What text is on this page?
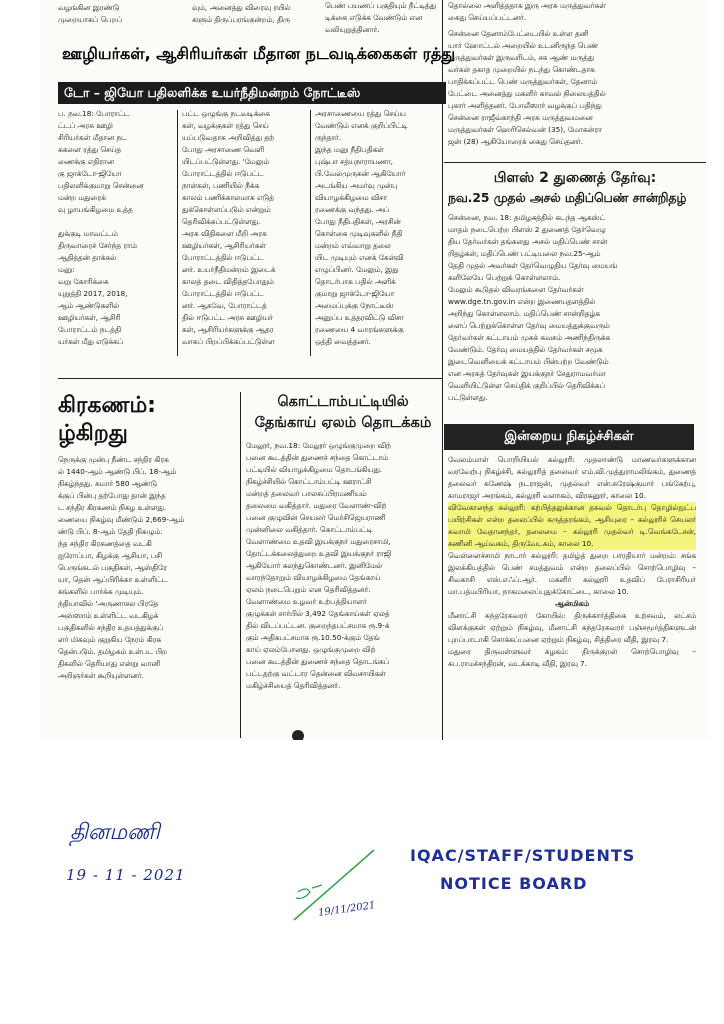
வழங்கின இரண்டு
முறையாகப் பெறப்

வும், அனைத்து விரைவு ரயில்
களும் திருப்பரங்குன்றம், திரு

பெண் பயணப் பகுதியும் நீட்டித்து
டிக்கை எடுக்க வேண்டும் என
வலியுறுத்தினார்.

தொல்லை அளித்ததாக இரு அரசு மருத்துவர்கள்
கைது செய்யப்பட்டனர்.

ஊழியர்கள், ஆசிரியர்கள் மீதான நடவடிக்கைகள் ரத்து
டோ – ஜியோ பதிலளிக்க உயர்நீதிமன்றம் நோட்டீஸ்

ப. நவ.18: போராட்ட
ட்டப் அரசு ஊழி
சிரியர்கள் மீதான நட
ககளை ரத்து செய்த
ணைக்கு எதிரான
கு ஜாக்டோ-ஜியோ
பதிலளிக்குமாறு சென்னை
மன்ற மதுரைக்
வு ழாயங்கிழமை உத்த

துக்குடி மாவட்டம்
திருவாரைச் சேர்ந்த ராம்
ஆதித்தன் தாக்கல்
மனு:
வறு கோரிக்கை
யுறுத்தி 2017, 2018,
ஆம் ஆண்டுகளில்
ஊழியர்கள், ஆசிரி
போராட்டம் நடத்தி
யர்கள் மீது எடுக்கப்

பட்ட ஒழுங்கு நடவடிக்கை
கள், வழக்குகள் ரத்து செய்
யப்படுவதாக அறிவித்து தற்
போது அரசாணை வெளி
யிடப்பட்டுள்ளது. 'மேலும்
போராட்டத்தில் ஈடுபட்ட
நாள்கள், பணியில் நீக்க
காலம் பணிக்காலமாக எடுத்
துக்கொள்ளப்படும் என்றும்
தெரிவிக்கப்பட்டுள்ளது.
அரசு விதிகளை மீறி அரசு
ஊழியர்கள், ஆசிரியர்கள்
போராட்டத்தில் ஈடுபட்ட
னர். உயர்நீதிமன்றம் இடைக்
காலத் தடை விதித்தபோதும்
போராட்டத்தில் ஈடுபட்ட
னர். ஆகவே, போராட்டத்
தில் ஈடுபட்ட அரசு ஊழியர்
கள், ஆசிரியர்களுக்கு ஆதர
வாகப் பிறப்பிக்கப்பட்டுள்ள

அரசாணையை ரத்து செய்ய
வேண்டும் எனக் குறிப்பிட்டி
ருந்தார்.
இந்த மனு நீதிபதிகள்
புஷ்பா சத்யநாராயணா,
பி.வேல்முருகன் ஆகியோர்
அடங்கிய அமர்வு முன்பு
வியாழக்கிழமை விசா
ரணைக்கு வந்தது. அப்
போது நீதிபதிகள், அரசின்
கொள்கை முடிவுகளில் நீதி
மன்றம் எவ்வாறு தலை
யிட முடியும் எனக் கேள்வி
எழுப்பினர். மேலும், இது
தொடர்பாக பதில் அளிக்
குமாறு ஜாக்டோ-ஜியோ
அமைப்புக்கு நோட்டீஸ்
அனுப்ப உத்தரவிட்டு விசா
ரணையை 4 வாரங்களுக்கு
ஒத்தி வைத்தனர்.

கிரகணம்:
ழ்கிறது

நெருக்கு முன்பு நீண்ட சந்திர கிரக
ல் 1440-ஆம் ஆண்டு பிப். 18-ஆம்
நிகழ்ந்தது. சுமார் 580 ஆண்டு
க்குப் பின்பு தற்போது தான் இந்த
ட சந்திர கிரகணம் நிகழ உள்ளது.
ணையை நிகழ்வு மீண்டும் 2,669-ஆம்
ண்டு பிப். 8-ஆம் தேதி நிகழும்.
ந்த சந்திர கிரகணத்தை வடகி
ஐரோப்பா, கிழக்கு ஆசியா, பசி
பெருங்கடல் பகுதிகள், ஆஸ்திரே
யா, தென் ஆப்பிரிக்கா உள்ளிட்ட
கங்களில் பார்க்க முடியும்.
ந்தியாவில் 'அருணாசல பிரதே
அஸ்ஸாம் உள்ளிட்ட வடகிழக்
பகுதிகளில் சந்திர உதயத்துக்குப்
ளர் மிகவும் குறுகிய நேரம் கிரக
தென்படும். தமிழகம் உள்பட பிற
திகளில் தெரியாது என்று வானி
அறிஞர்கள் கூறியுள்ளனர்.

கொட்டாம்பட்டியில்
தேங்காய் ஏலம் தொடக்கம்

மேலூர், நவ.18: மேலூர் ஒழுங்குமுறை விற்
பனை கூடத்தின் துணைச் சந்தை கொட்டாம்
பட்டியில் வியாழக்கிழமை தொடங்கியது.
நிகழ்ச்சியில் கொட்டாம்பட்டி ஊராட்சி
மன்றத் தலைவர் பாலசுப்பிரமணியம்
தலைமை வகித்தார். மதுரை வேளாண்-விற்
பனை குழுவின் செயலர் மெர்சிஜெயராணி
முன்னிலை வகித்தார். கொட்டாம்பட்டி
வேளாண்மை உதவி இயக்குநர் மதுரைசாமி,
தோட்டக்கலைத்துறை உதவி இயக்குநர் ராஜி
ஆகியோர் கலந்துகொண்டனர். இனிமேல்
வாரந்தோறும் வியாழக்கிழமை தேங்காய்
ஏலம் நடைபெறும் என தெரிவித்தனர்.
வேளாண்மை உழவர் உற்பத்தியாளர்
குழுக்கள் சார்பில் 3,492 தேங்காய்கள் ஏலத்
தில் விடப்பட்டன. குறைந்தபட்சமாக ரூ.9-க்
கும் அதிகபட்சமாக ரூ.10.50-க்கும் தேங்
காய் ஏலம்போனது. ஒழுங்குமுறை விற்
பனை கூடத்தின் துணைச் சந்தை தொடங்கப்
பட்டதற்கு வட்டார தென்னை விவசாயிகள்
மகிழ்ச்சியைத் தெரிவித்தனர்.

சென்னை தேனாம்பேட்டையில் உள்ள தனி
யார் ஹோட்டல் அறையில் உடனிருந்த பெண்
மருத்துவர்கள் இருவரிடம், சக ஆண் மருத்து
வர்கள் தகாத முறையில் நடந்து கொண்டதாக
பாதிக்கப்பட்ட பெண் மருத்துவர்கள், தேனாம்
பேட்டை அனைத்து மகளிர் காவல் நிலையத்தில்
புகார் அளித்தனர். போலீஸார் வழக்குப் பதிந்து
சென்னை ராஜீவ்காந்தி அரசு மருத்துவமனை
மருத்துவர்கள் ஹெரிசெல்வன் (35), மோகன்ரா
ஜன் (28) ஆகியோரைக் கைது செய்தனர்.

பிளஸ் 2 துணைத் தேர்வு:
நவ.25 முதல் அசல் மதிப்பெண் சான்றிதழ்

சென்னை, நவ. 18: தமிழகத்தில் கடந்த ஆகஸ்ட்
மாதம் நடைபெற்ற பிளஸ் 2 துணைத் தேர்வெழு
திய தேர்வர்கள் தங்களது அசல் மதிப்பெண் சான்
றிதழ்கள், மதிப்பெண் பட்டியலை நவ.25-ஆம்
தேதி முதல் அவர்கள் தேர்வெழுதிய தேர்வு மையங்
களிலேயே பெற்றுக் கொள்ளலாம்.
மேலும் கூடுதல் விவரங்களை தேர்வர்கள்
www.dge.tn.gov.in என்ற இணையதளத்தில்
அறிந்து கொள்ளலாம். மதிப்பெண் சான்றிதழ்க
ளைப் பெற்றுக்கொள்ள தேர்வு மையத்துக்குவரும்
தேர்வர்கள் கட்டாயம் முகக் கவசம் அணிந்திருக்க
வேண்டும். தேர்வு மையத்தில் தேர்வர்கள் சமூக
இடைவெளியைக் கட்டாயம் பின்பற்ற வேண்டும்
என அரசுத் தேர்வுகள் இயக்குநர் சேதுராமவர்மா
வெளியிட்டுள்ள செய்திக் குறிப்பில் தெரிவிக்கப்
பட்டுள்ளது.

இன்றைய நிகழ்ச்சிகள்

வேலம்மாள் பொறியியல் கல்லூரி: முதலாண்டு மாணவர்களுக்கான வரவேற்பு நிகழ்ச்சி, கல்லூரித் தலைவர் எம்.வி.முத்துராமலிங்கம், துணைத் தலைவர் கணேஷ் நடராஜன், முதல்வர் என்.சுரேஷ்குமார் பங்கேற்பு, காமராஜர் அரங்கம், கல்லூரி வளாகம், விரகனூர், காலை 10.

விவேகானந்த கல்லூரி: கற்பித்தலுக்கான தகவல் தொடர்பு தொழில்நுட்ப பயிற்சிகள் என்ற தலைப்பில் கருத்தரங்கம், ஆசியுரை – கல்லூரிச் செயலர் சுவாமி வேதானந்தர், தலைமை – கல்லூரி முதல்வர் டி.வெங்கடேசன், கணினி ஆய்வகம், திருவேடகம், காலை 10.

வெள்ளைச்சாமி நாடார் கல்லூரி: தமிழ்த் துறை பாரதியார் மன்றம்: சங்க இலக்கியத்தில் பெண் சமத்துவம் என்ற தலைப்பில் சொற்பொழிவு – சிவகாசி எஸ்.எஃப்.ஆர். மகளிர் கல்லூரி உதவிப் பேராசிரியர் மா.பத்மபிரியா, நாகமலைப்புதுக்கோட்டை, காலை 10.

ஆன்மிகம்

மீனாட்சி சுந்தரேசுவரர் கோயில்: திருக்கார்த்திகை உற்சவம், லட்சம் விளக்குகள் ஏற்றும் நிகழ்வு, மீனாட்சி சுந்தரேசுவரர் பஞ்சமூர்த்திகளுடன் புறப்பாடாகி சொக்கப்பனை ஏற்றும் நிகழ்வு, சித்திரை வீதி, இரவு 7.

மதுரை திருவள்ளுவர் கழகம்: திருக்குறள் சொற்பொழிவு – சுப.ராமச்சந்திரன், வடக்காடி வீதி, இரவு 7.

தினமணி
19 - 11 - 2021
IQAC/STAFF/STUDENTS
NOTICE BOARD
19/11/2021
